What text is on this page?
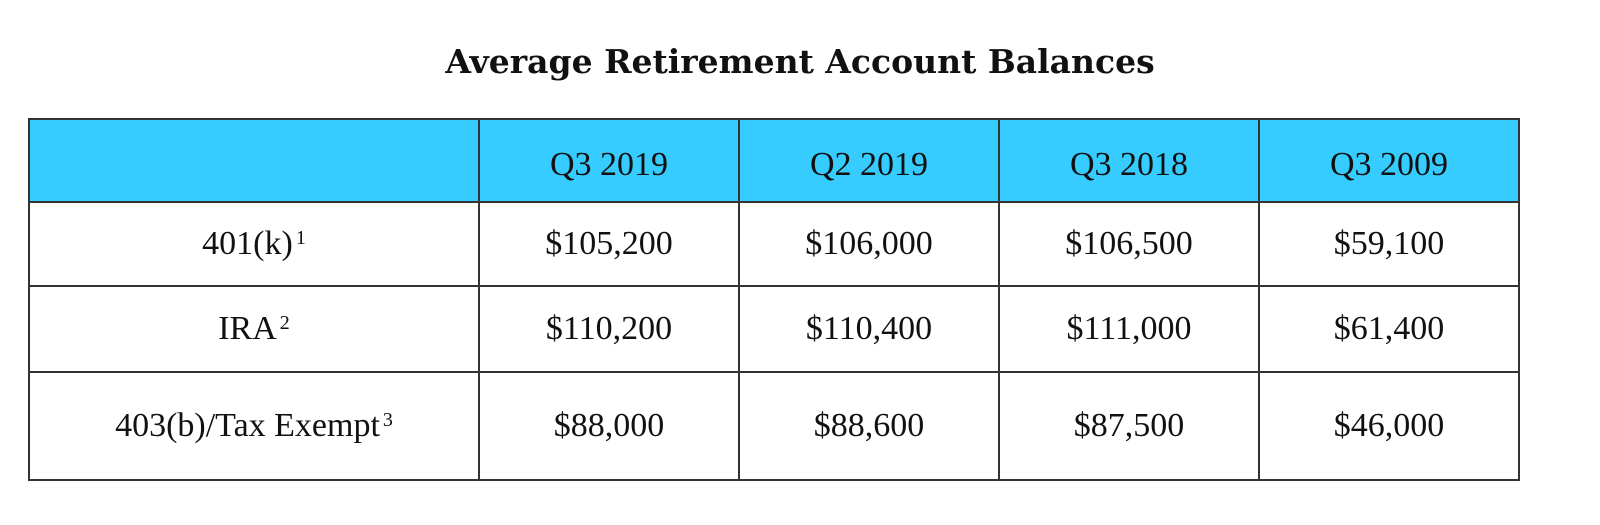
Average Retirement Account Balances
	Q3 2019	Q2 2019	Q3 2018	Q3 2009
401(k) $^1$	$105,200	$106,000	$106,500	$59,100
IRA $^2$	$110,200	$110,400	$111,000	$61,400
403(b)/Tax Exempt $^3$	$88,000	$88,600	$87,500	$46,000
